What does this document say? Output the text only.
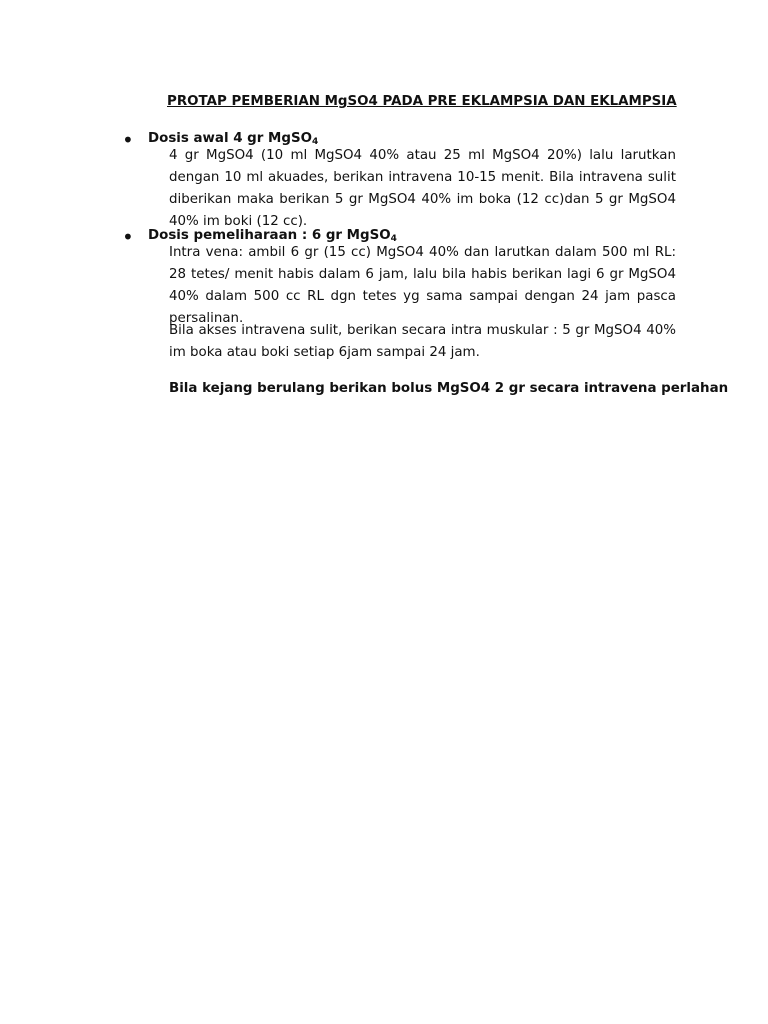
PROTAP PEMBERIAN MgSO4 PADA PRE EKLAMPSIA DAN EKLAMPSIA
• Dosis awal 4 gr MgSO$_4$

4 gr MgSO4 (10 ml MgSO4 40% atau 25 ml MgSO4 20%) lalu larutkan dengan 10 ml akuades, berikan intravena 10-15 menit. Bila intravena sulit diberikan maka berikan 5 gr MgSO4 40% im boka (12 cc)dan 5 gr MgSO4 40% im boki (12 cc).

• Dosis pemeliharaan : 6 gr MgSO$_4$

Intra vena: ambil 6 gr (15 cc) MgSO4 40% dan larutkan dalam 500 ml RL: 28 tetes/ menit habis dalam 6 jam, lalu bila habis berikan lagi 6 gr MgSO4 40% dalam 500 cc RL dgn tetes yg sama sampai dengan 24 jam pasca persalinan.

Bila akses intravena sulit, berikan secara intra muskular : 5 gr MgSO4 40% im boka atau boki setiap 6jam sampai 24 jam.

Bila kejang berulang berikan bolus MgSO4 2 gr secara intravena perlahan
